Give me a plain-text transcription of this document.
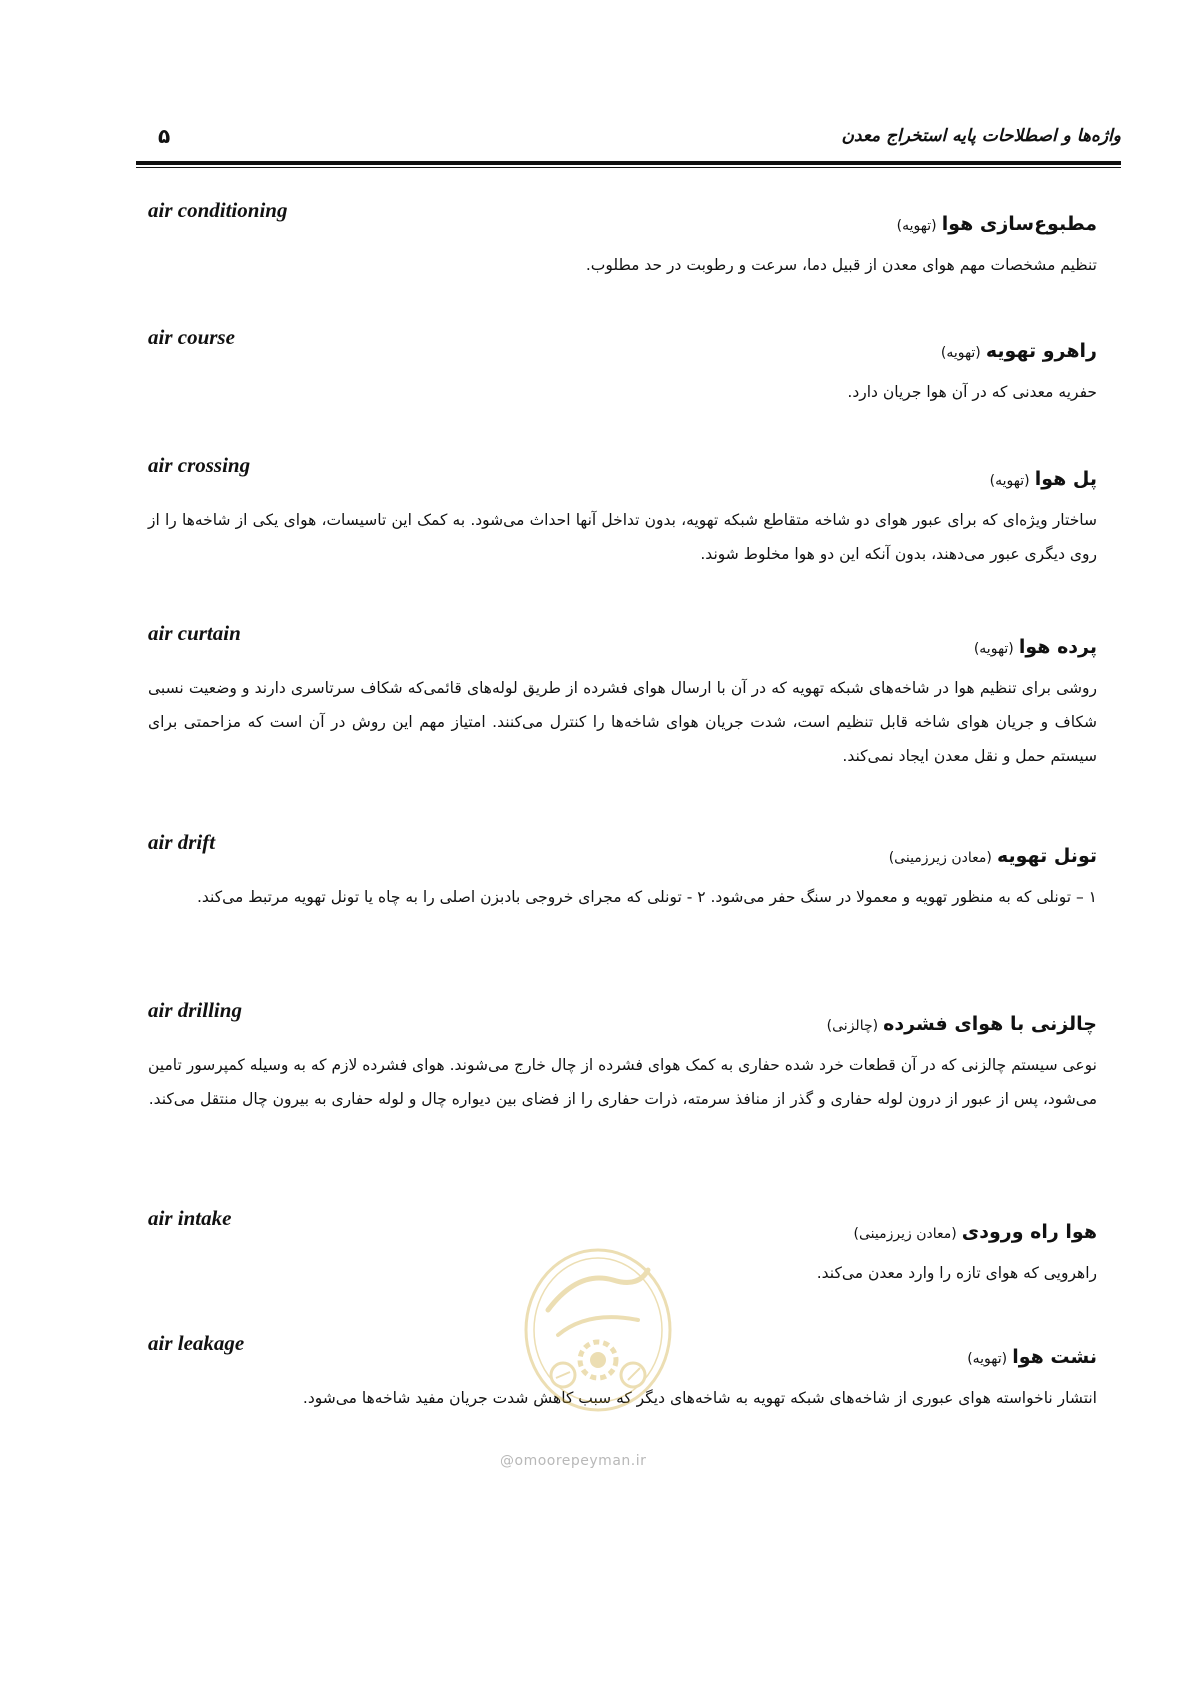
واژه‌ها و اصطلاحات پایه استخراج معدن
۵
air conditioning
مطبوع‌سازی هوا (تهویه)
تنظیم مشخصات مهم هوای معدن از قبیل دما، سرعت و رطوبت در حد مطلوب.
air course
راهرو تهویه (تهویه)
حفریه معدنی که در آن هوا جریان دارد.
air crossing
پل هوا (تهویه)
ساختار ویژه‌ای که برای عبور هوای دو شاخه متقاطع شبکه تهویه، بدون تداخل آنها احداث می‌شود. به کمک این تاسیسات، هوای یکی از شاخه‌ها را از روی دیگری عبور می‌دهند، بدون آنکه این دو هوا مخلوط شوند.
air curtain
پرده هوا (تهویه)
روشی برای تنظیم هوا در شاخه‌های شبکه تهویه که در آن با ارسال هوای فشرده از طریق لوله‌های قائمی‌که شکاف سرتاسری دارند و وضعیت نسبی شکاف و جریان هوای شاخه قابل تنظیم است، شدت جریان هوای شاخه‌ها را کنترل می‌کنند. امتیاز مهم این روش در آن است که مزاحمتی برای سیستم حمل و نقل معدن ایجاد نمی‌کند.
air drift
تونل تهویه (معادن زیرزمینی)
۱ – تونلی که به منظور تهویه و معمولا در سنگ حفر می‌شود. ۲ - تونلی که مجرای خروجی بادبزن اصلی را به چاه یا تونل تهویه مرتبط می‌کند.
air drilling
چالزنی با هوای فشرده (چالزنی)
نوعی سیستم چالزنی که در آن قطعات خرد شده حفاری به کمک هوای فشرده از چال خارج می‌شوند. هوای فشرده لازم که به وسیله کمپرسور تامین می‌شود، پس از عبور از درون لوله حفاری و گذر از منافذ سرمته، ذرات حفاری را از فضای بین دیواره چال و لوله حفاری به بیرون چال منتقل می‌کند.
air intake
هوا راه ورودی (معادن زیرزمینی)
راهرویی که هوای تازه را وارد معدن می‌کند.
air leakage
نشت هوا (تهویه)
انتشار ناخواسته هوای عبوری از شاخه‌های شبکه تهویه به شاخه‌های دیگر که سبب کاهش شدت جریان مفید شاخه‌ها می‌شود.
@omoorepeyman.ir
